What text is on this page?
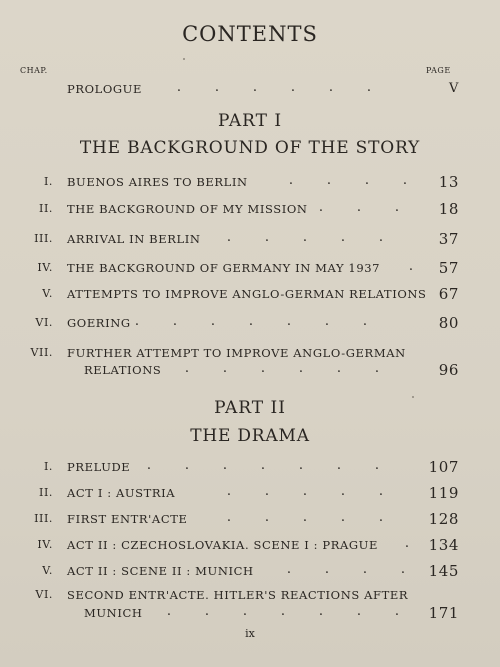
CONTENTS
CHAP.	PAGE
PROLOGUE	.	.	.	.	.	.	V
PART I
THE BACKGROUND OF THE STORY
I. BUENOS AIRES TO BERLIN	.	.	.	.	13
II. THE BACKGROUND OF MY MISSION .	.	.	18
III. ARRIVAL IN BERLIN	.	.	.	.	.	37
IV. THE BACKGROUND OF GERMANY IN MAY 1937	.	57
V. ATTEMPTS TO IMPROVE ANGLO-GERMAN RELATIONS 67
VI. GOERING .	.	.	.	.	.	.	80
VII. FURTHER ATTEMPT TO IMPROVE ANGLO-GERMAN
RELATIONS	.	.	.	.	.	.	96
PART II
THE DRAMA
I. PRELUDE	.	.	.	.	.	.	.	107
II. ACT I : AUSTRIA	.	.	.	.	.	119
III. FIRST ENTR'ACTE	.	.	.	.	.	128
IV. ACT II : CZECHOSLOVAKIA. SCENE I : PRAGUE	.	134
V. ACT II : SCENE II : MUNICH	.	.	.	.	145
VI. SECOND ENTR'ACTE. HITLER'S REACTIONS AFTER
MUNICH	.	.	.	.	.	.	.	171
ix
